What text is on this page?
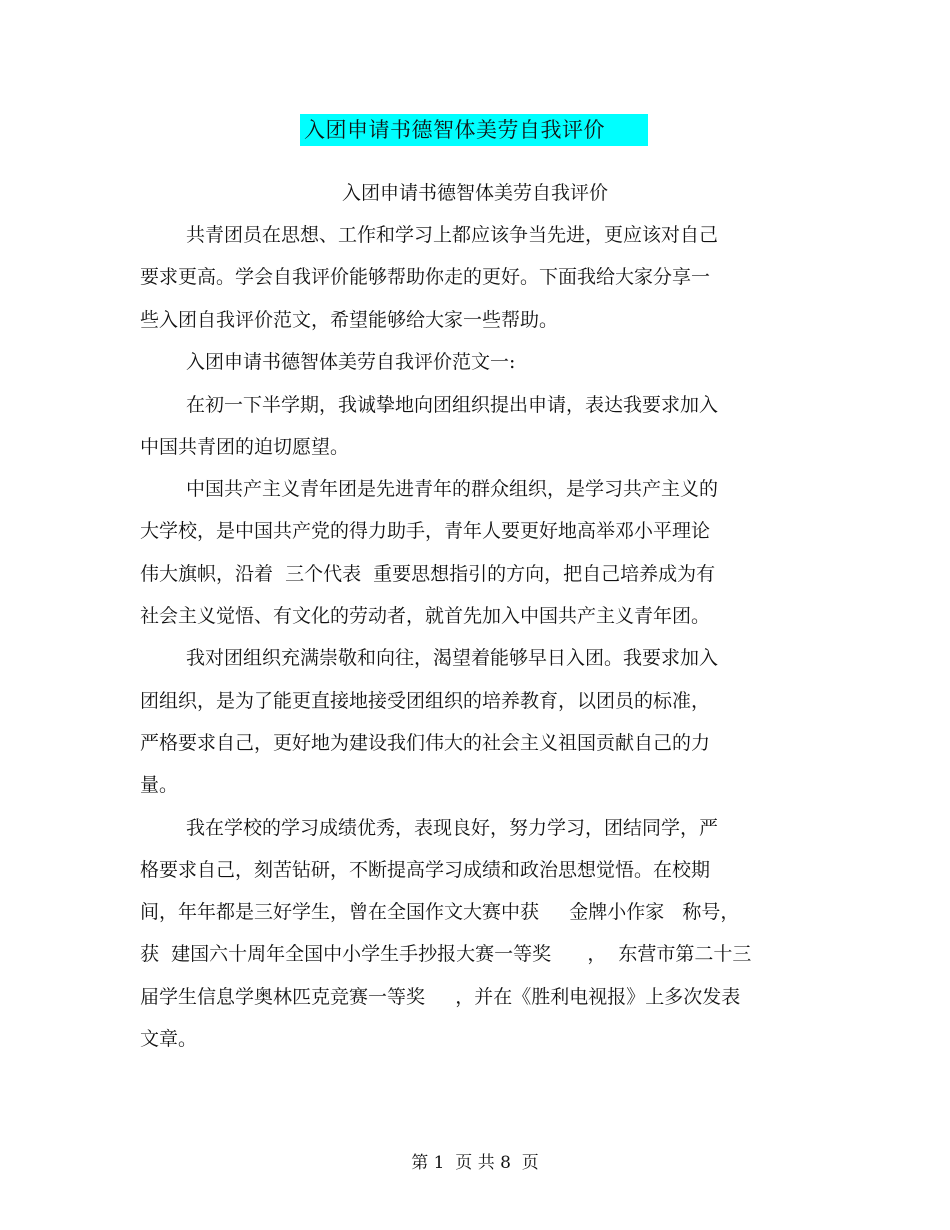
入团申请书德智体美劳自我评价
入团申请书德智体美劳自我评价
共青团员在思想、工作和学习上都应该争当先进，更应该对自己
要求更高。学会自我评价能够帮助你走的更好。下面我给大家分享一
些入团自我评价范文，希望能够给大家一些帮助。
入团申请书德智体美劳自我评价范文一:
在初一下半学期，我诚挚地向团组织提出申请，表达我要求加入
中国共青团的迫切愿望。
中国共产主义青年团是先进青年的群众组织，是学习共产主义的
大学校，是中国共产党的得力助手，青年人要更好地高举邓小平理论
伟大旗帜，沿着  三个代表  重要思想指引的方向，把自己培养成为有
社会主义觉悟、有文化的劳动者，就首先加入中国共产主义青年团。
我对团组织充满崇敬和向往，渴望着能够早日入团。我要求加入
团组织，是为了能更直接地接受团组织的培养教育，以团员的标准，
严格要求自己，更好地为建设我们伟大的社会主义祖国贡献自己的力
量。
我在学校的学习成绩优秀，表现良好，努力学习，团结同学，严
格要求自己，刻苦钻研，不断提高学习成绩和政治思想觉悟。在校期
间，年年都是三好学生，曾在全国作文大赛中获     金牌小作家   称号，
获  建国六十周年全国中小学生手抄报大赛一等奖      ，  东营市第二十三
届学生信息学奥林匹克竞赛一等奖     ，并在《胜利电视报》上多次发表
文章。
第 1  页 共 8  页
